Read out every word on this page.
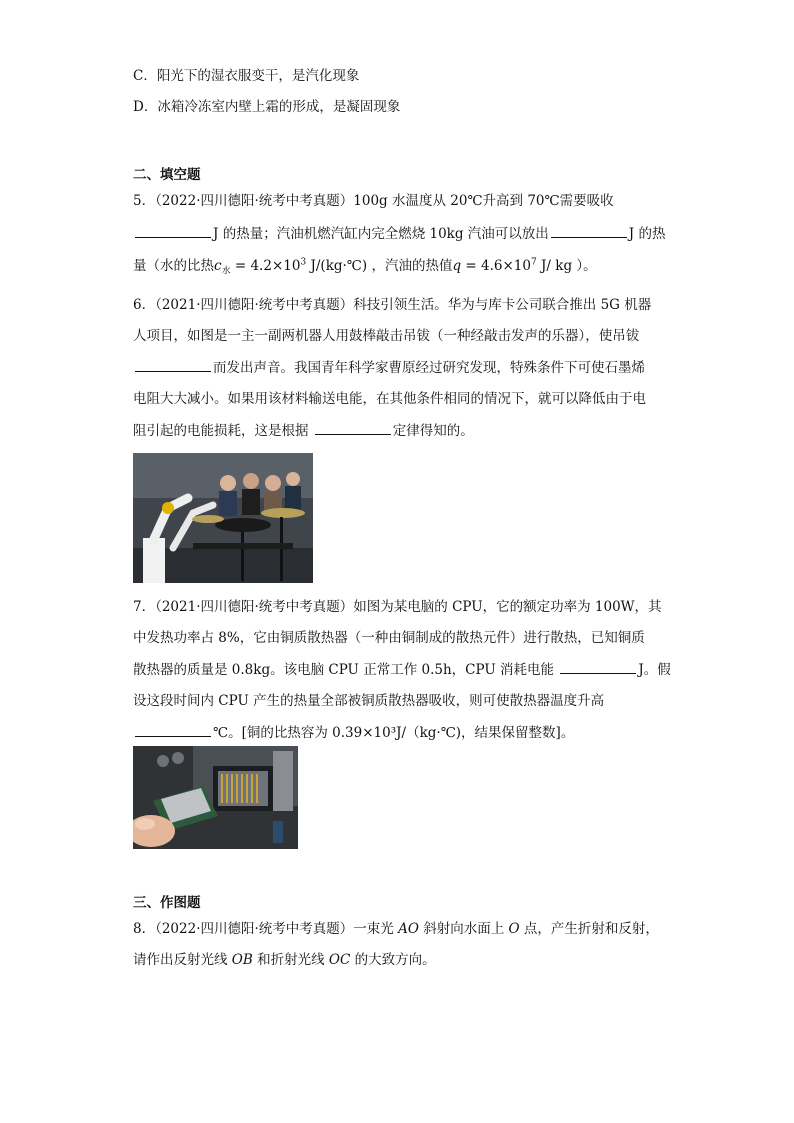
C．阳光下的湿衣服变干，是汽化现象
D．冰箱冷冻室内壁上霜的形成，是凝固现象
二、填空题
5．（2022·四川德阳·统考中考真题）100g 水温度从 20℃升高到 70℃需要吸收
J 的热量；汽油机燃汽缸内完全燃烧 10kg 汽油可以放出	J 的热
量（水的比热$c_水 = 4.2\times 10^3$ J/(kg·℃) ，汽油的热值$q = 4.6\times 10^7$ J/ kg ）。
6．（2021·四川德阳·统考中考真题）科技引领生活。华为与库卡公司联合推出 5G 机器
人项目，如图是一主一副两机器人用鼓棒敲击吊钹（一种经敲击发声的乐器），使吊钹
而发出声音。我国青年科学家曹原经过研究发现，特殊条件下可使石墨烯
电阻大大减小。如果用该材料输送电能，在其他条件相同的情况下，就可以降低由于电
阻引起的电能损耗，这是根据	定律得知的。
7．（2021·四川德阳·统考中考真题）如图为某电脑的 CPU，它的额定功率为 100W，其
中发热功率占 8%，它由铜质散热器（一种由铜制成的散热元件）进行散热，已知铜质
散热器的质量是 0.8kg。该电脑 CPU 正常工作 0.5h，CPU 消耗电能	J。假
设这段时间内 CPU 产生的热量全部被铜质散热器吸收，则可使散热器温度升高
℃。[铜的比热容为 0.39×10³J/（kg·℃)，结果保留整数]。
三、作图题
8．（2022·四川德阳·统考中考真题）一束光 AO 斜射向水面上 O 点，产生折射和反射，
请作出反射光线 OB 和折射光线 OC 的大致方向。
